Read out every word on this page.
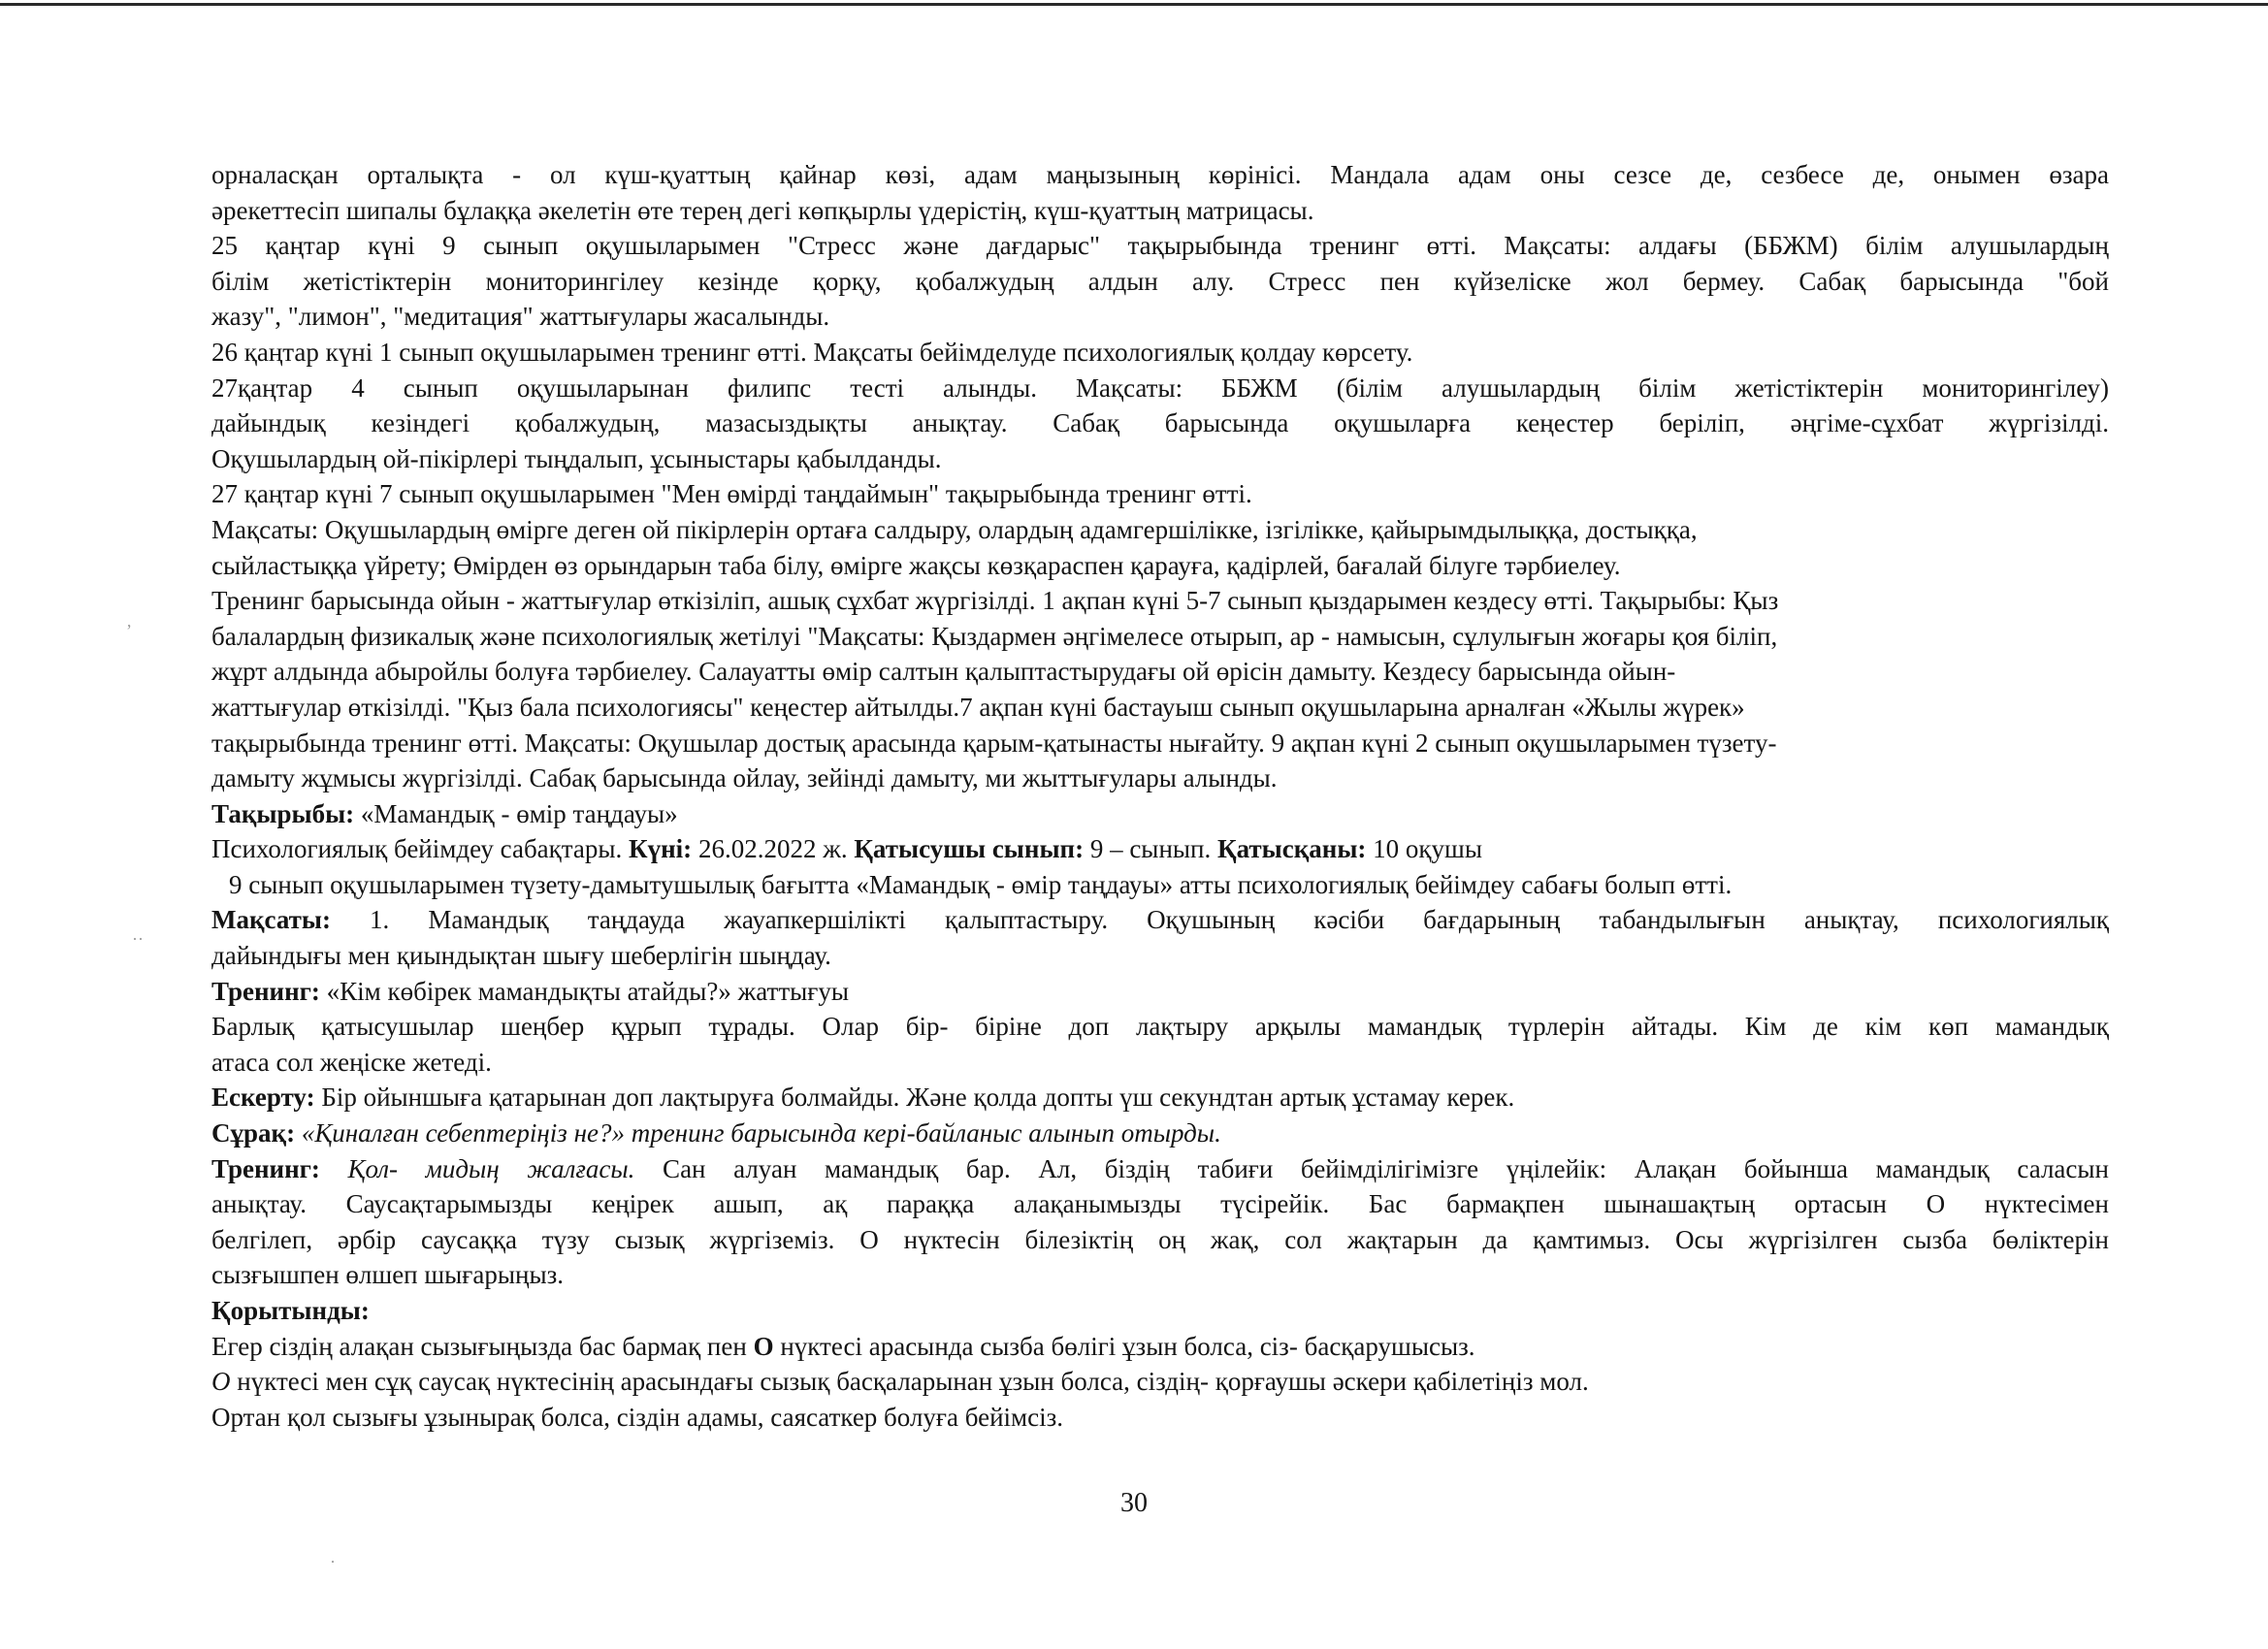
ʼ
··
·

орналасқан орталықта - ол күш-қуаттың қайнар көзі, адам маңызының көрінісі. Мандала адам оны сезсе де, сезбесе де, онымен өзара

әрекеттесіп шипалы бұлаққа әкелетін өте терең дегі көпқырлы үдерістің, күш-қуаттың матрицасы.

25 қаңтар күні 9 сынып оқушыларымен "Стресс және дағдарыс" тақырыбында тренинг өтті. Мақсаты: алдағы (ББЖМ) білім алушылардың

білім жетістіктерін мониторингілеу кезінде қорқу, қобалжудың алдын алу. Стресс пен күйзеліске жол бермеу. Сабақ барысында "бой

жазу", "лимон", "медитация" жаттығулары жасалынды.

26 қаңтар күні 1 сынып оқушыларымен тренинг өтті. Мақсаты бейімделуде психологиялық қолдау көрсету.

27қаңтар 4 сынып оқушыларынан филипс тесті алынды. Мақсаты: ББЖМ (білім алушылардың білім жетістіктерін мониторингілеу)

дайындық кезіндегі қобалжудың, мазасыздықты анықтау. Сабақ барысында оқушыларға кеңестер беріліп, әңгіме-сұхбат жүргізілді.

Оқушылардың ой-пікірлері тыңдалып, ұсыныстары қабылданды.

27 қаңтар күні 7 сынып оқушыларымен "Мен өмірді таңдаймын" тақырыбында тренинг өтті.

Мақсаты: Оқушылардың өмірге деген ой пікірлерін ортаға салдыру, олардың адамгершілікке, ізгілікке, қайырымдылыққа, достыққа,

сыйластыққа үйрету; Өмірден өз орындарын таба білу, өмірге жақсы көзқараспен қарауға, қадірлей, бағалай білуге тәрбиелеу.

Тренинг барысында ойын - жаттығулар өткізіліп, ашық сұхбат жүргізілді. 1 ақпан күні 5-7 сынып қыздарымен кездесу өтті. Тақырыбы: Қыз

балалардың физикалық және психологиялық жетілуі "Мақсаты: Қыздармен әңгімелесе отырып, ар - намысын, сұлулығын жоғары қоя біліп,

жұрт алдында абыройлы болуға тәрбиелеу. Салауатты өмір салтын қалыптастырудағы ой өрісін дамыту. Кездесу барысында ойын-

жаттығулар өткізілді. "Қыз бала психологиясы" кеңестер айтылды.7 ақпан күні бастауыш сынып оқушыларына арналған «Жылы жүрек»

тақырыбында тренинг өтті. Мақсаты: Оқушылар достық арасында қарым-қатынасты нығайту. 9 ақпан күні 2 сынып оқушыларымен түзету-

дамыту жұмысы жүргізілді. Сабақ барысында ойлау, зейінді дамыту, ми жыттығулары алынды.

Тақырыбы: «Мамандық - өмір таңдауы»

Психологиялық бейімдеу сабақтары. Күні: 26.02.2022 ж. Қатысушы сынып: 9 – сынып. Қатысқаны: 10 оқушы

9 сынып оқушыларымен түзету-дамытушылық бағытта «Мамандық - өмір таңдауы» атты психологиялық бейімдеу сабағы болып өтті.

Мақсаты: 1. Мамандық таңдауда жауапкершілікті қалыптастыру. Оқушының кәсіби бағдарының табандылығын анықтау, психологиялық

дайындығы мен қиындықтан шығу шеберлігін шыңдау.

Тренинг: «Кім көбірек мамандықты атайды?» жаттығуы

Барлық қатысушылар шеңбер құрып тұрады. Олар бір- біріне доп лақтыру арқылы мамандық түрлерін айтады. Кім де кім көп мамандық

атаса сол жеңіске жетеді.

Ескерту: Бір ойыншыға қатарынан доп лақтыруға болмайды. Және қолда допты үш секундтан артық ұстамау керек.

Сұрақ: «Қиналған себептеріңіз не?» тренинг барысында кері-байланыс алынып отырды.

Тренинг: Қол- мидың жалғасы. Сан алуан мамандық бар. Ал, біздің табиғи бейімділігімізге үңілейік: Алақан бойынша мамандық саласын

анықтау. Саусақтарымызды кеңірек ашып, ақ параққа алақанымызды түсірейік. Бас бармақпен шынашақтың ортасын О нүктесімен

белгілеп, әрбір саусаққа түзу сызық жүргіземіз. О нүктесін білезіктің оң жақ, сол жақтарын да қамтимыз. Осы жүргізілген сызба бөліктерін

сызғышпен өлшеп шығарыңыз.

Қорытынды:

Егер сіздің алақан сызығыңызда бас бармақ пен О нүктесі арасында сызба бөлігі ұзын болса, сіз- басқарушысыз.

О нүктесі мен сұқ саусақ нүктесінің арасындағы сызық басқаларынан ұзын болса, сіздің- қорғаушы әскери қабілетіңіз мол.

Ортан қол сызығы ұзынырақ болса, сіздін адамы, саясаткер болуға бейімсіз.

30
